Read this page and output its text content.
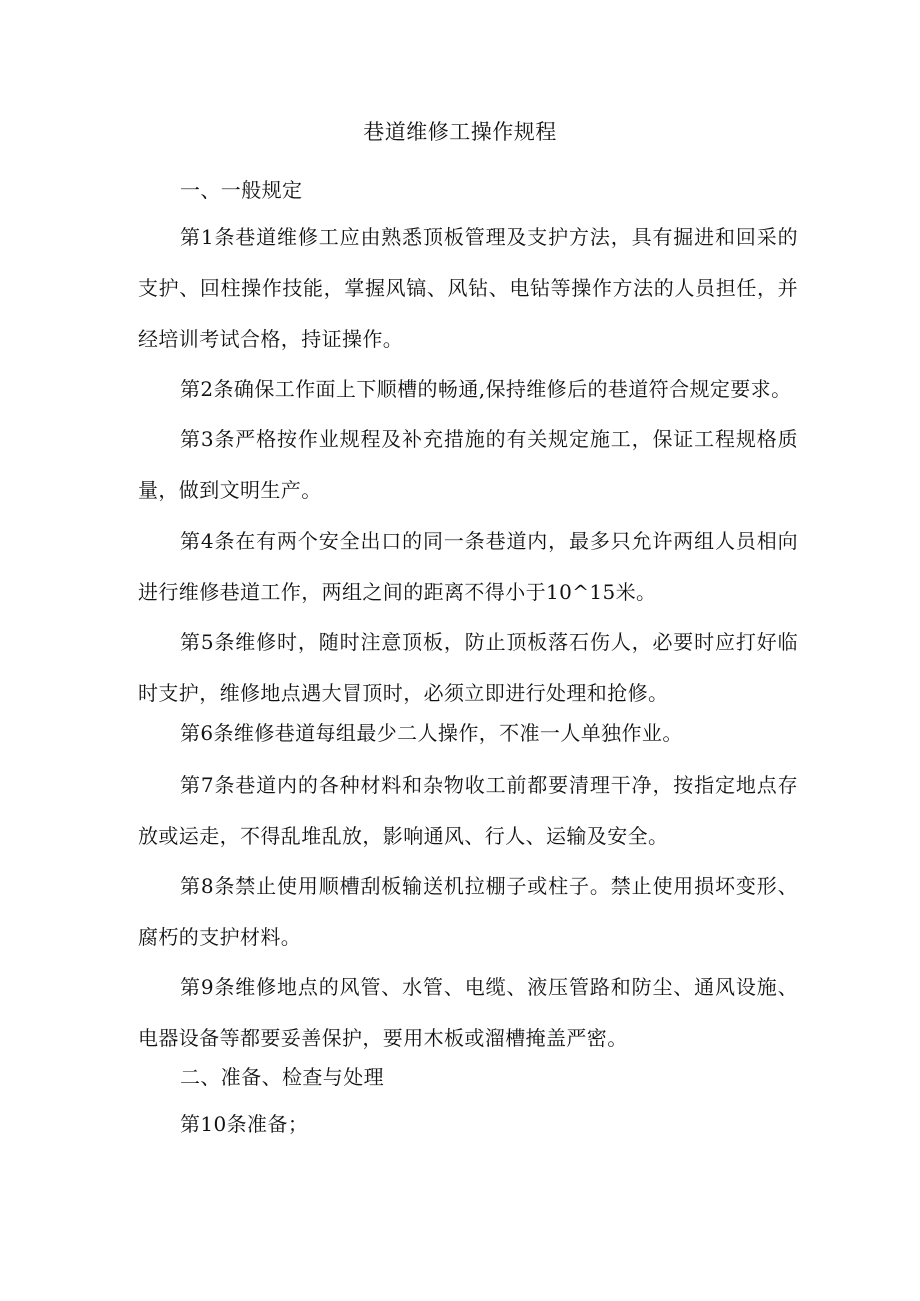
巷道维修工操作规程
一、一般规定
第1条巷道维修工应由熟悉顶板管理及支护方法，具有掘进和回采的支护、回柱操作技能，掌握风镐、风钻、电钻等操作方法的人员担任，并经培训考试合格，持证操作。
第2条确保工作面上下顺槽的畅通,保持维修后的巷道符合规定要求。
第3条严格按作业规程及补充措施的有关规定施工，保证工程规格质量，做到文明生产。
第4条在有两个安全出口的同一条巷道内，最多只允许两组人员相向进行维修巷道工作，两组之间的距离不得小于10^15米。
第5条维修时，随时注意顶板，防止顶板落石伤人，必要时应打好临时支护，维修地点遇大冒顶时，必须立即进行处理和抢修。
第6条维修巷道每组最少二人操作，不准一人单独作业。
第7条巷道内的各种材料和杂物收工前都要清理干净，按指定地点存放或运走，不得乱堆乱放，影响通风、行人、运输及安全。
第8条禁止使用顺槽刮板输送机拉棚子或柱子。禁止使用损坏变形、腐朽的支护材料。
第9条维修地点的风管、水管、电缆、液压管路和防尘、通风设施、电器设备等都要妥善保护，要用木板或溜槽掩盖严密。
二、准备、检查与处理
第10条准备；
